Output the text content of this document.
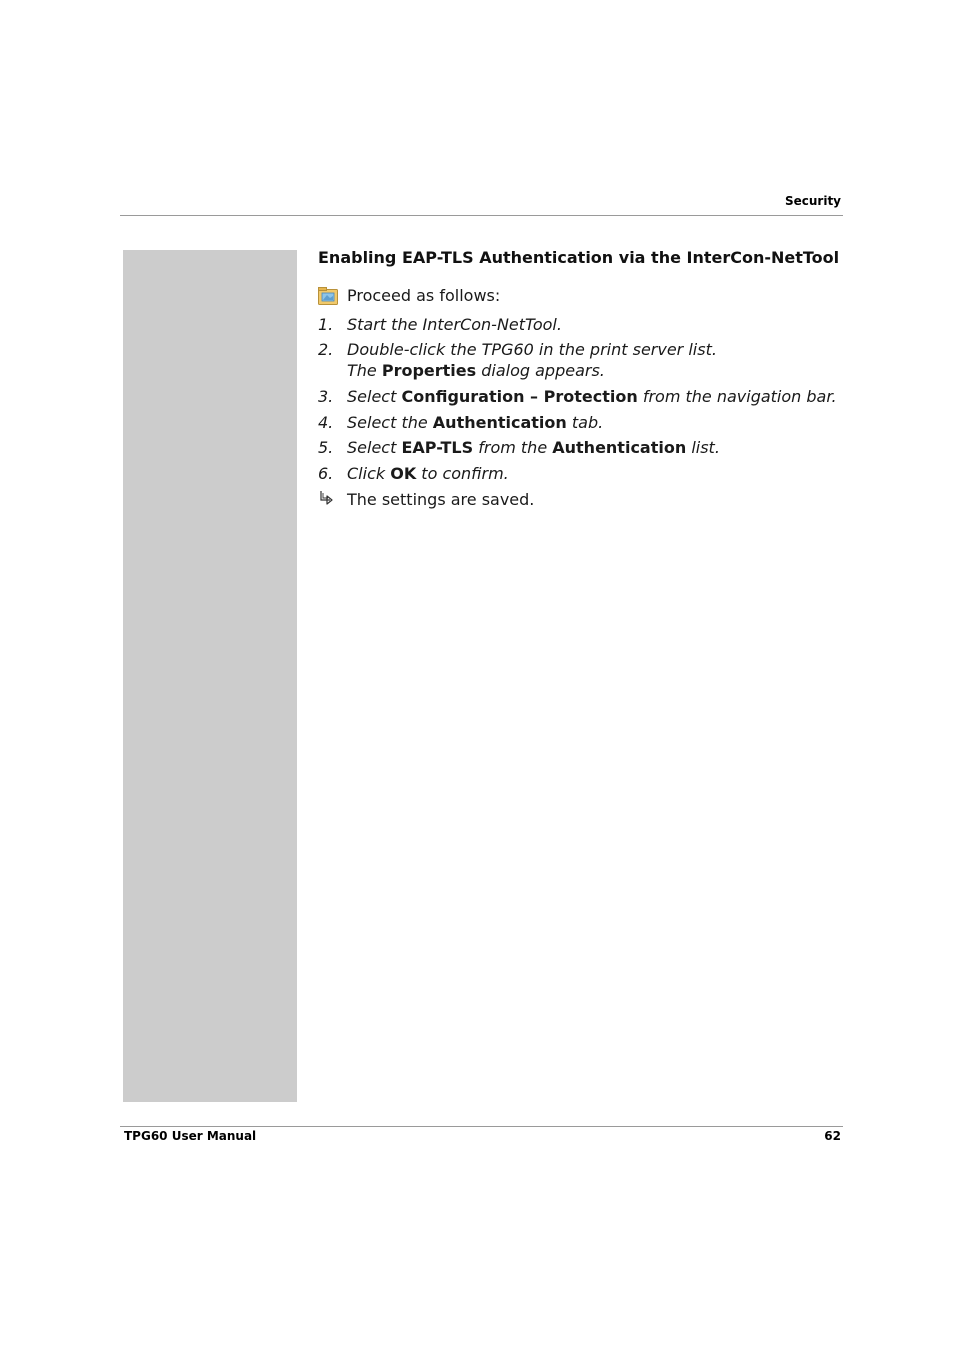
Security
Enabling EAP-TLS Authentication via the InterCon-NetTool
Proceed as follows:
1. Start the InterCon-NetTool.
2. Double-click the TPG60 in the print server list.
The Properties dialog appears.
3. Select Configuration – Protection from the navigation bar.
4. Select the Authentication tab.
5. Select EAP-TLS from the Authentication list.
6. Click OK to confirm.
The settings are saved.
TPG60 User Manual	62
